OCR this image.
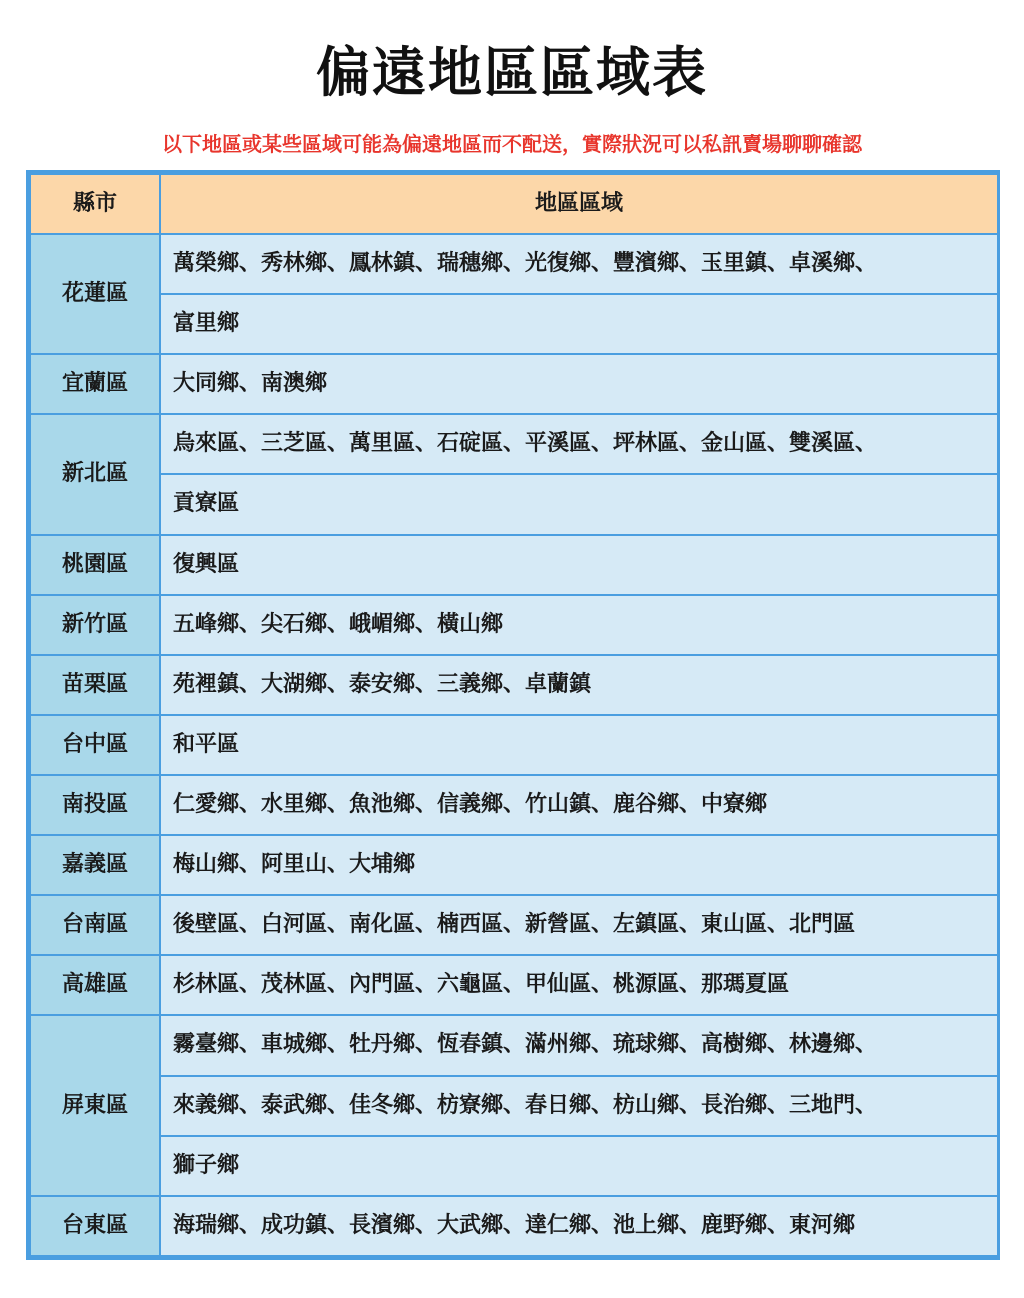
偏遠地區區域表
以下地區或某些區域可能為偏遠地區而不配送，實際狀況可以私訊賣場聊聊確認
縣市	地區區域
花蓮區	萬榮鄉、秀林鄉、鳳林鎮、瑞穗鄉、光復鄉、豐濱鄉、玉里鎮、卓溪鄉、
	富里鄉
宜蘭區	大同鄉、南澳鄉
新北區	烏來區、三芝區、萬里區、石碇區、平溪區、坪林區、金山區、雙溪區、
	貢寮區
桃園區	復興區
新竹區	五峰鄉、尖石鄉、峨嵋鄉、橫山鄉
苗栗區	苑裡鎮、大湖鄉、泰安鄉、三義鄉、卓蘭鎮
台中區	和平區
南投區	仁愛鄉、水里鄉、魚池鄉、信義鄉、竹山鎮、鹿谷鄉、中寮鄉
嘉義區	梅山鄉、阿里山、大埔鄉
台南區	後壁區、白河區、南化區、楠西區、新營區、左鎮區、東山區、北門區
高雄區	杉林區、茂林區、內門區、六龜區、甲仙區、桃源區、那瑪夏區
屏東區	霧臺鄉、車城鄉、牡丹鄉、恆春鎮、滿州鄉、琉球鄉、高樹鄉、林邊鄉、
	來義鄉、泰武鄉、佳冬鄉、枋寮鄉、春日鄉、枋山鄉、長治鄉、三地門、
	獅子鄉
台東區	海瑞鄉、成功鎮、長濱鄉、大武鄉、達仁鄉、池上鄉、鹿野鄉、東河鄉
